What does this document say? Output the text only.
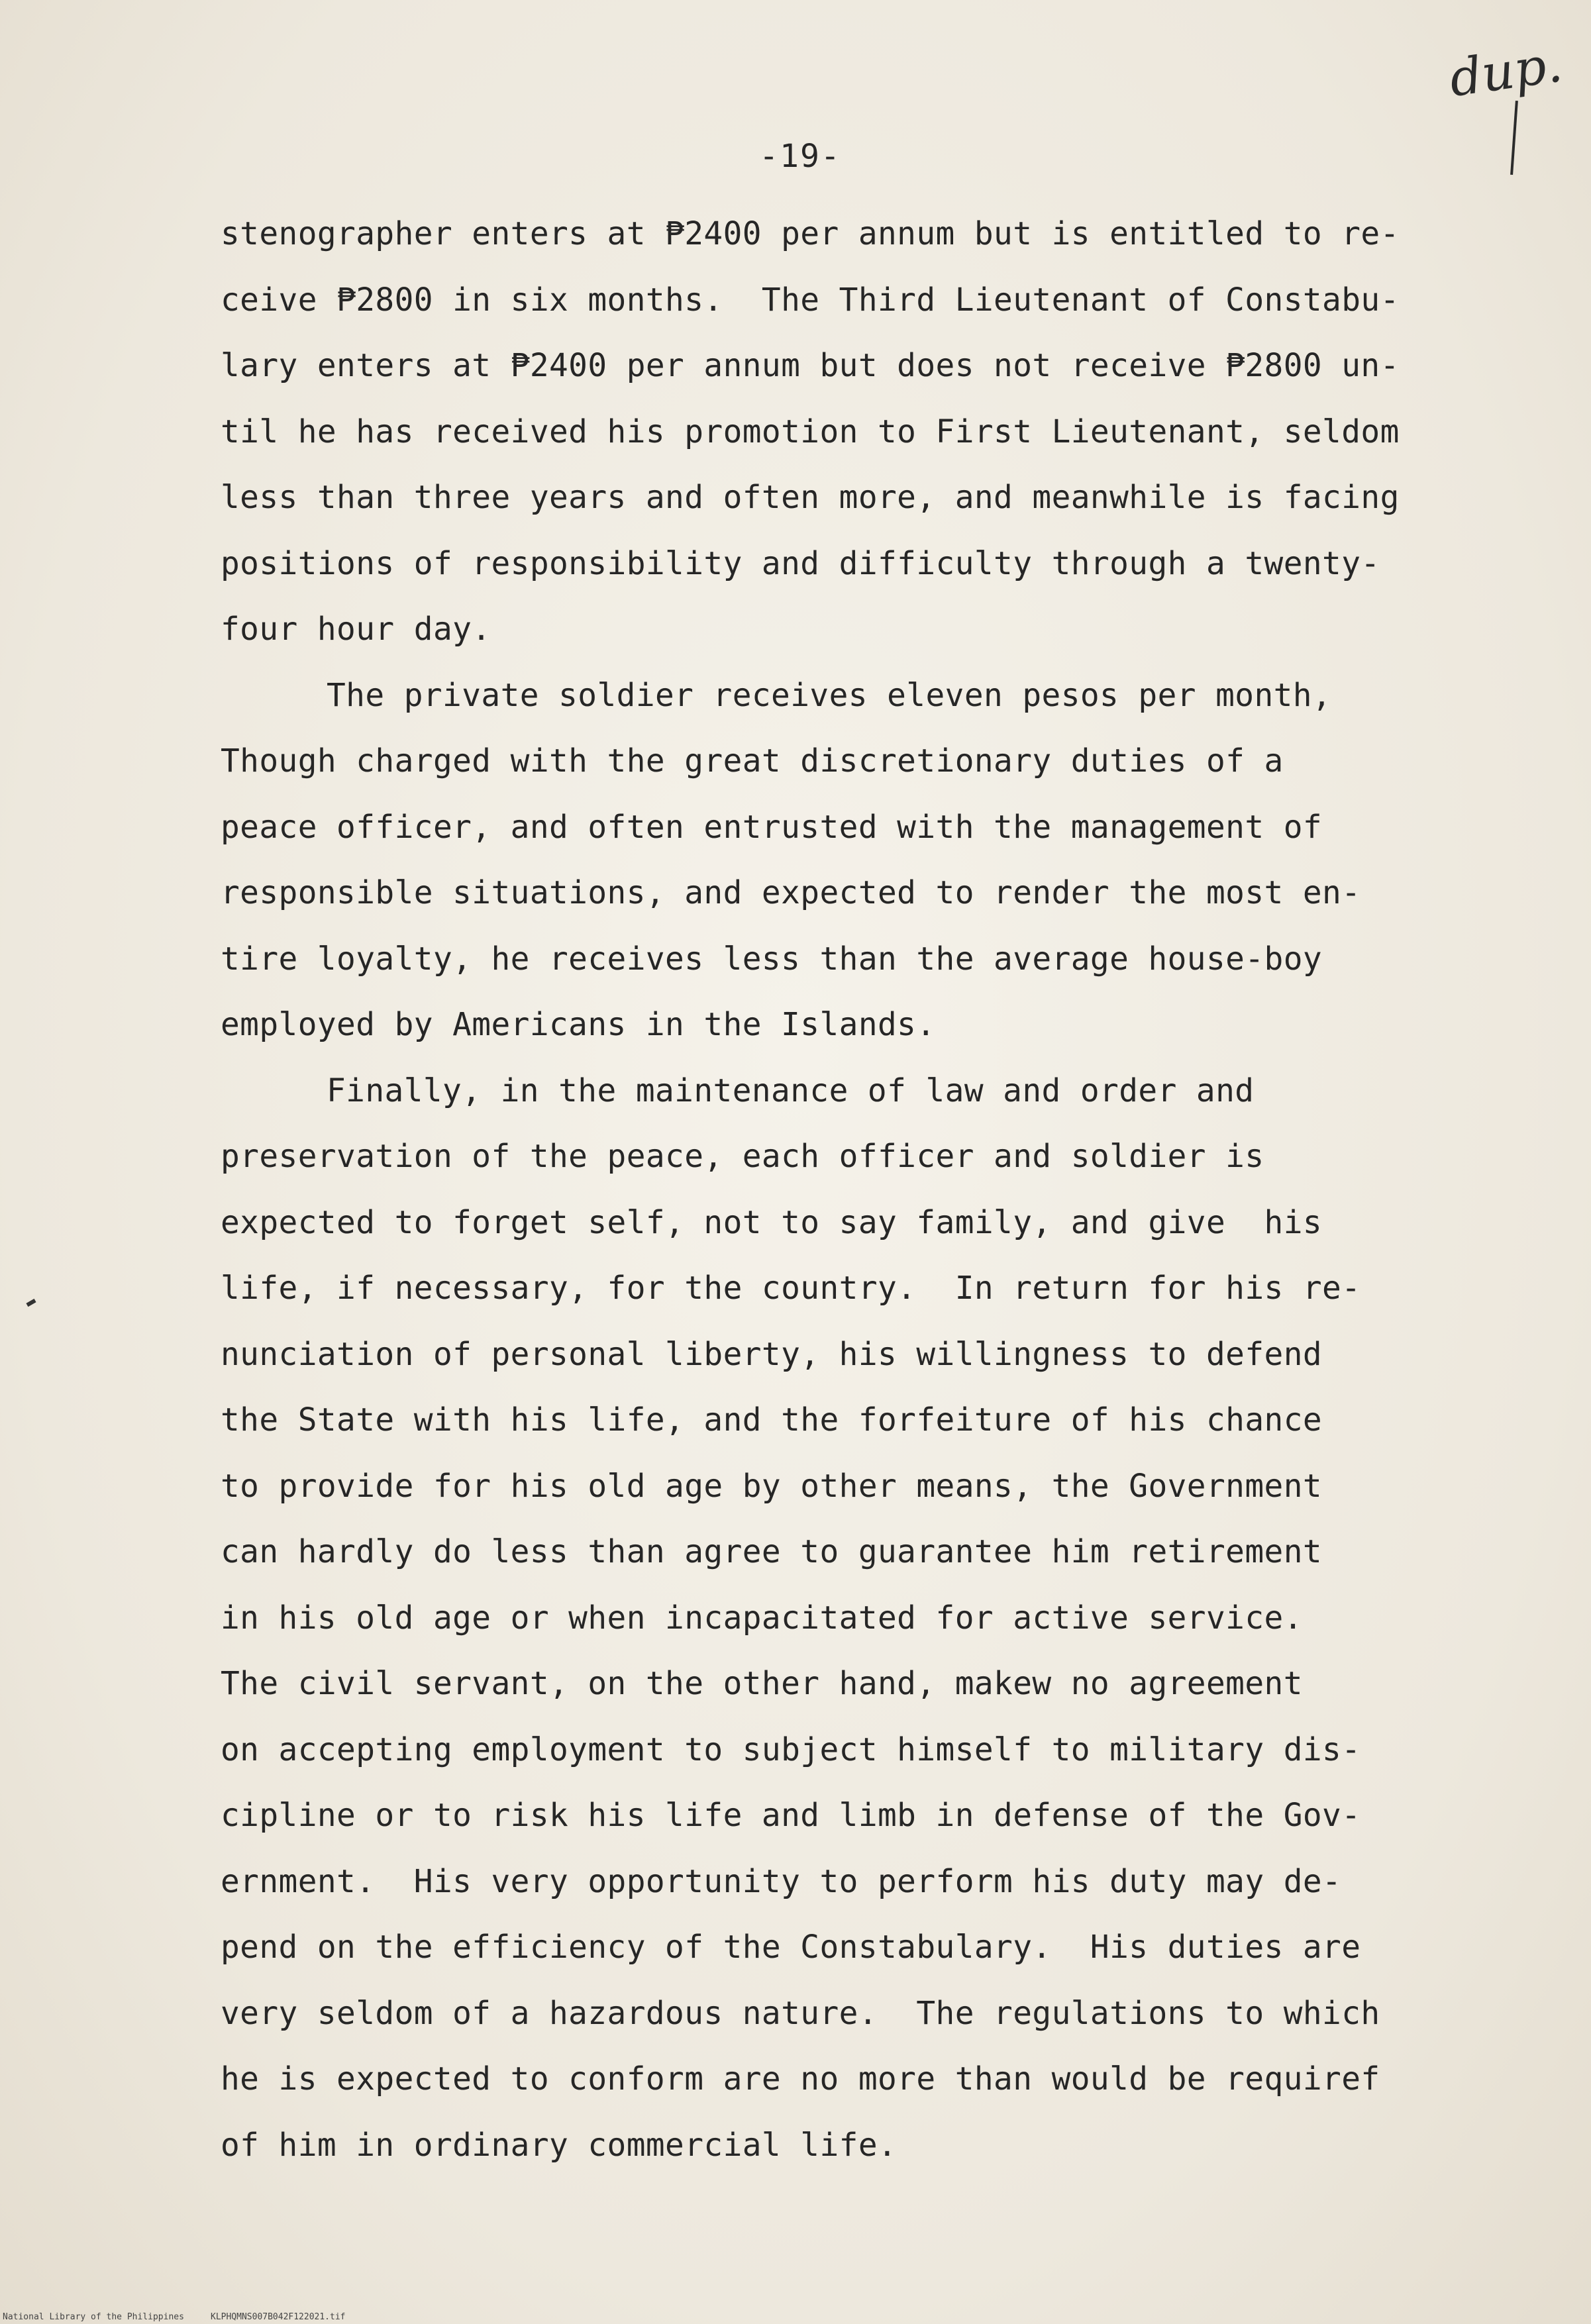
dup.
-19-
stenographer enters at ₱2400 per annum but is entitled to re-
ceive ₱2800 in six months.  The Third Lieutenant of Constabu-
lary enters at ₱2400 per annum but does not receive ₱2800 un-
til he has received his promotion to First Lieutenant, seldom
less than three years and often more, and meanwhile is facing
positions of responsibility and difficulty through a twenty-
four hour day.
The private soldier receives eleven pesos per month,
Though charged with the great discretionary duties of a
peace officer, and often entrusted with the management of
responsible situations, and expected to render the most en-
tire loyalty, he receives less than the average house-boy
employed by Americans in the Islands.
Finally, in the maintenance of law and order and
preservation of the peace, each officer and soldier is
expected to forget self, not to say family, and give  his
life, if necessary, for the country.  In return for his re-
nunciation of personal liberty, his willingness to defend
the State with his life, and the forfeiture of his chance
to provide for his old age by other means, the Government
can hardly do less than agree to guarantee him retirement
in his old age or when incapacitated for active service.
The civil servant, on the other hand, makew no agreement
on accepting employment to subject himself to military dis-
cipline or to risk his life and limb in defense of the Gov-
ernment.  His very opportunity to perform his duty may de-
pend on the efficiency of the Constabulary.  His duties are
very seldom of a hazardous nature.  The regulations to which
he is expected to conform are no more than would be requiref
of him in ordinary commercial life.
National Library of the Philippines	KLPHQMNS007B042F122021.tif
